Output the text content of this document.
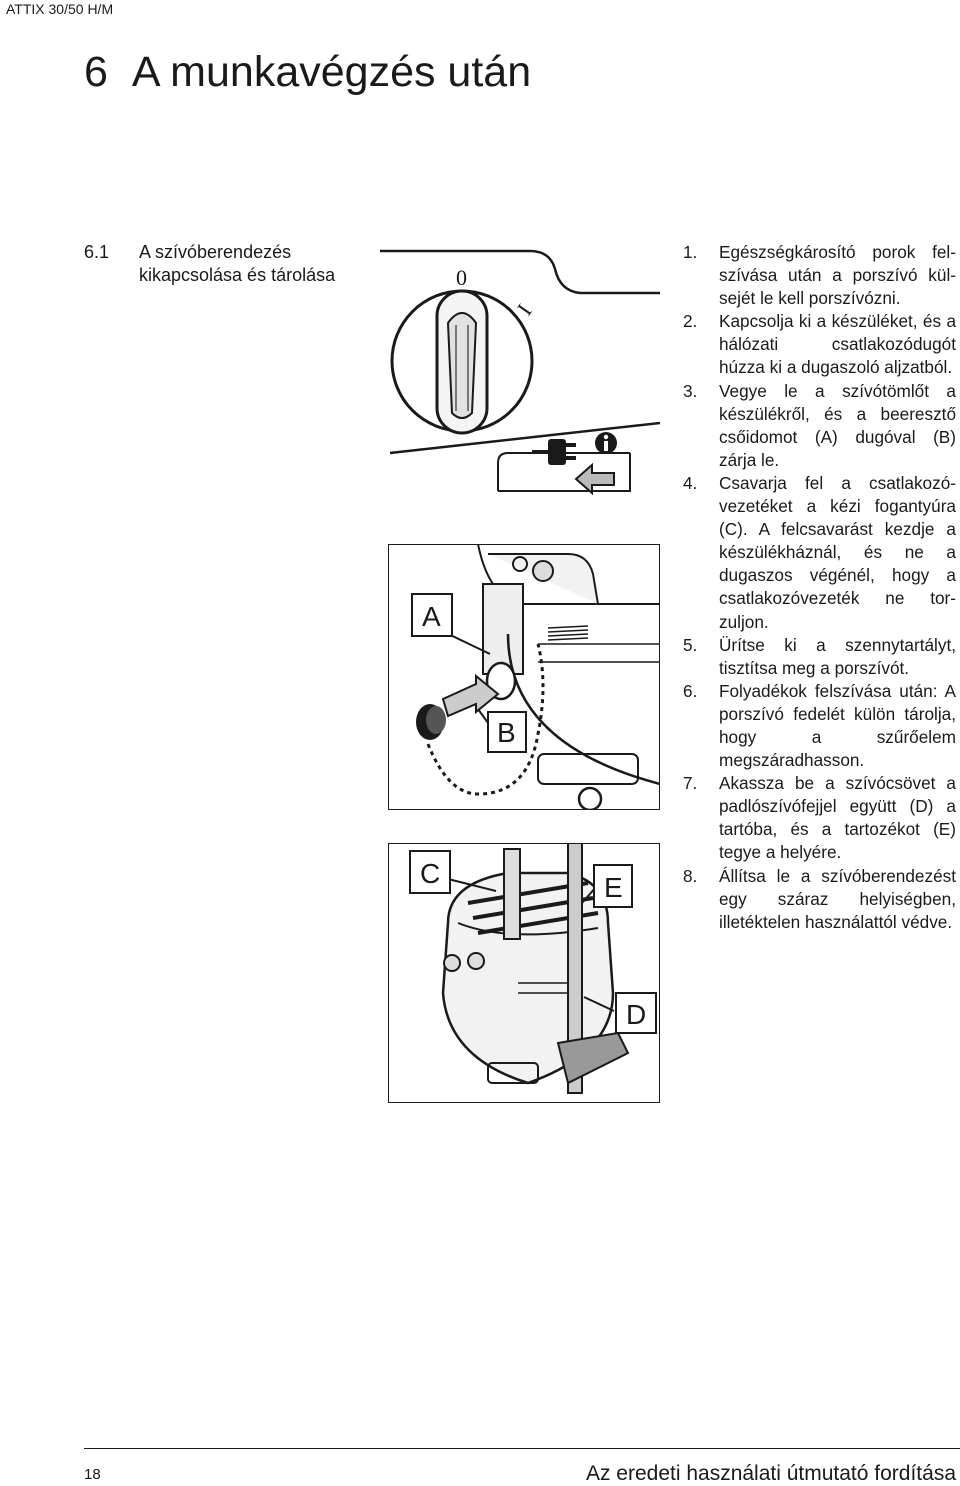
ATTIX 30/50 H/M
6 A munkavégzés után
6.1 A szívóberendezés kikapcsolása és tárolása	0
I
A
B
C	E
D
1.	Egészségkárosító porok felszívása után a porszívó külsejét le kell porszívózni.
2.	Kapcsolja ki a készüléket, és a hálózati csatlakozódugót húzza ki a dugaszoló aljzatból.
3.	Vegye le a szívótömlőt a készülékről, és a beeresztő csőidomot (A) dugóval (B) zárja le.
4.	Csavarja fel a csatlakozóvezetéket a kézi fogantyúra (C). A felcsavarást kezdje a készülékháznál, és ne a dugaszos végénél, hogy a csatlakozóvezeték ne torzuljon.
5.	Ürítse ki a szennytartályt, tisztítsa meg a porszívót.
6.	Folyadékok felszívása után: A porszívó fedelét külön tárolja, hogy a szűrőelem megszáradhasson.
7.	Akassza be a szívócsövet a padlószívófejjel együtt (D) a tartóba, és a tartozékot (E) tegye a helyére.
8.	Állítsa le a szívóberendezést egy száraz helyiségben, illetéktelen használattól védve.
18	Az eredeti használati útmutató fordítása
